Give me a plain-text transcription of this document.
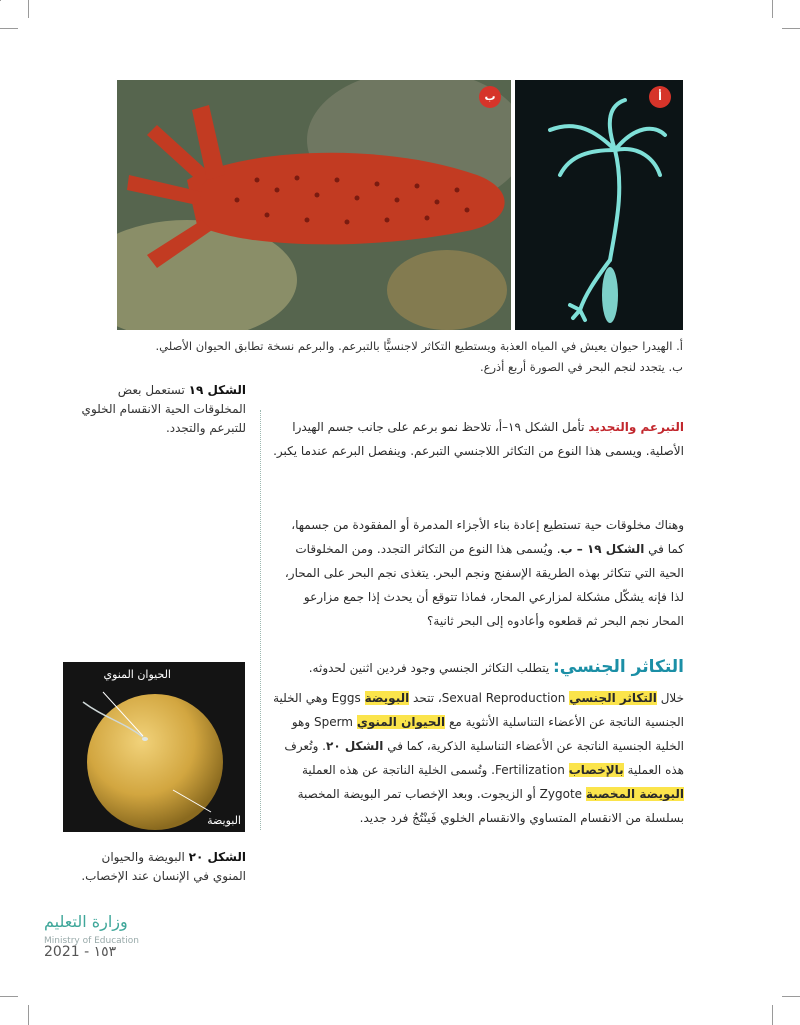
ب	أ
أ. الهيدرا حيوان يعيش في المياه العذبة ويستطيع التكاثر لاجنسيًّا بالتبرعم. والبرعم نسخة تطابق الحيوان الأصلي.
ب. يتجدد لنجم البحر في الصورة أربع أذرع.
الشكل ١٩ تستعمل بعض المخلوقات الحية الانقسام الخلوي للتبرعم والتجدد.	التبرعم والتجديد تأمل الشكل ١٩–أ، تلاحظ نمو برعم على جانب جسم الهيدرا الأصلية. ويسمى هذا النوع من التكاثر اللاجنسي التبرعم. وينفصل البرعم عندما يكبر.
وهناك مخلوقات حية تستطيع إعادة بناء الأجزاء المدمرة أو المفقودة من جسمها، كما في الشكل ١٩ – ب. ويُسمى هذا النوع من التكاثر التجدد. ومن المخلوقات الحية التي تتكاثر بهذه الطريقة الإسفنج ونجم البحر. يتغذى نجم البحر على المحار، لذا فإنه يشكّل مشكلة لمزارعي المحار، فماذا تتوقع أن يحدث إذا جمع مزارعو المحار نجم البحر ثم قطعوه وأعادوه إلى البحر ثانية؟
التكاثر الجنسي: يتطلب التكاثر الجنسي وجود فردين اثنين لحدوثه.
خلال التكاثر الجنسي Sexual Reproduction، تتحد البويضة Eggs وهي الخلية الجنسية الناتجة عن الأعضاء التناسلية الأنثوية مع الحيوان المنوي Sperm وهو الخلية الجنسية الناتجة عن الأعضاء التناسلية الذكرية، كما في الشكل ٢٠. وتُعرف هذه العملية بالإخصاب Fertilization. وتُسمى الخلية الناتجة عن هذه العملية البويضة المخصبة Zygote أو الزيجوت. وبعد الإخصاب تمر البويضة المخصبة بسلسلة من الانقسام المتساوي والانقسام الخلوي فَينْتُجُ فرد جديد.
الحيوان المنوي
البويضة
الشكل ٢٠ البويضة والحيوان المنوي في الإنسان عند الإخصاب.
وزارة التعليم
Ministry of Education
2021 - ١٥٣
